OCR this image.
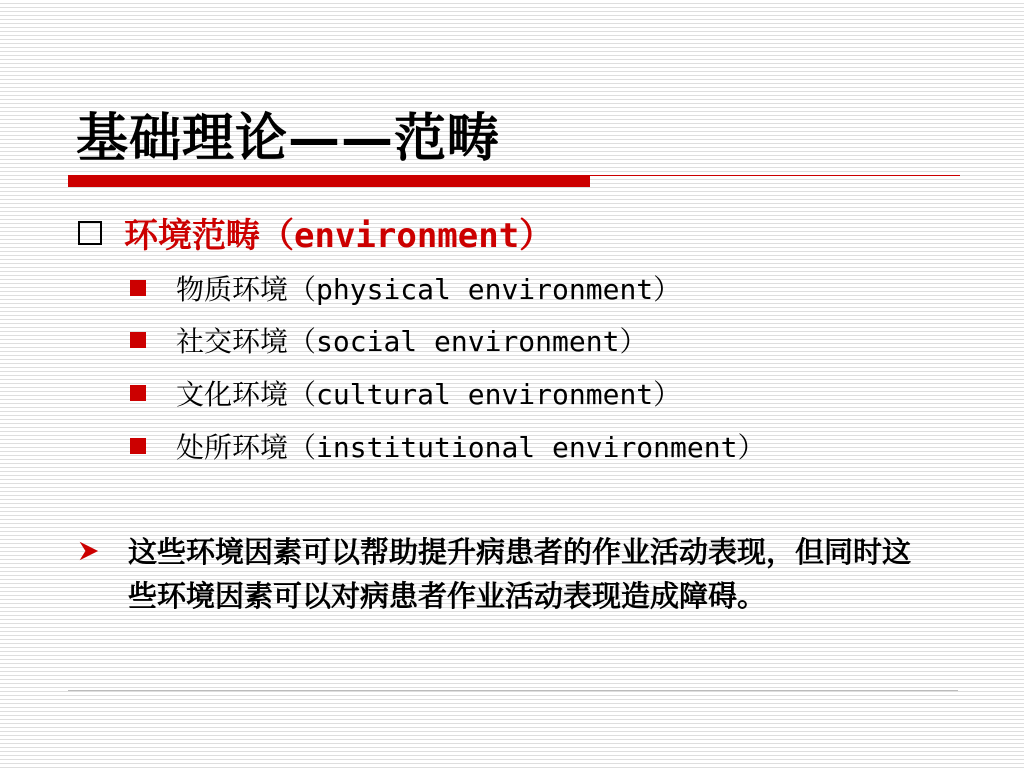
基础理论——范畴
环境范畴 （environment）
物质环境 （physical environment）
社交环境 （social environment）
文化环境 （cultural environment）
处所环境 （institutional environment）
这些环境因素可以帮助提升病患者的作业活动表现，但同时这些环境因素可以对病患者作业活动表现造成障碍。
